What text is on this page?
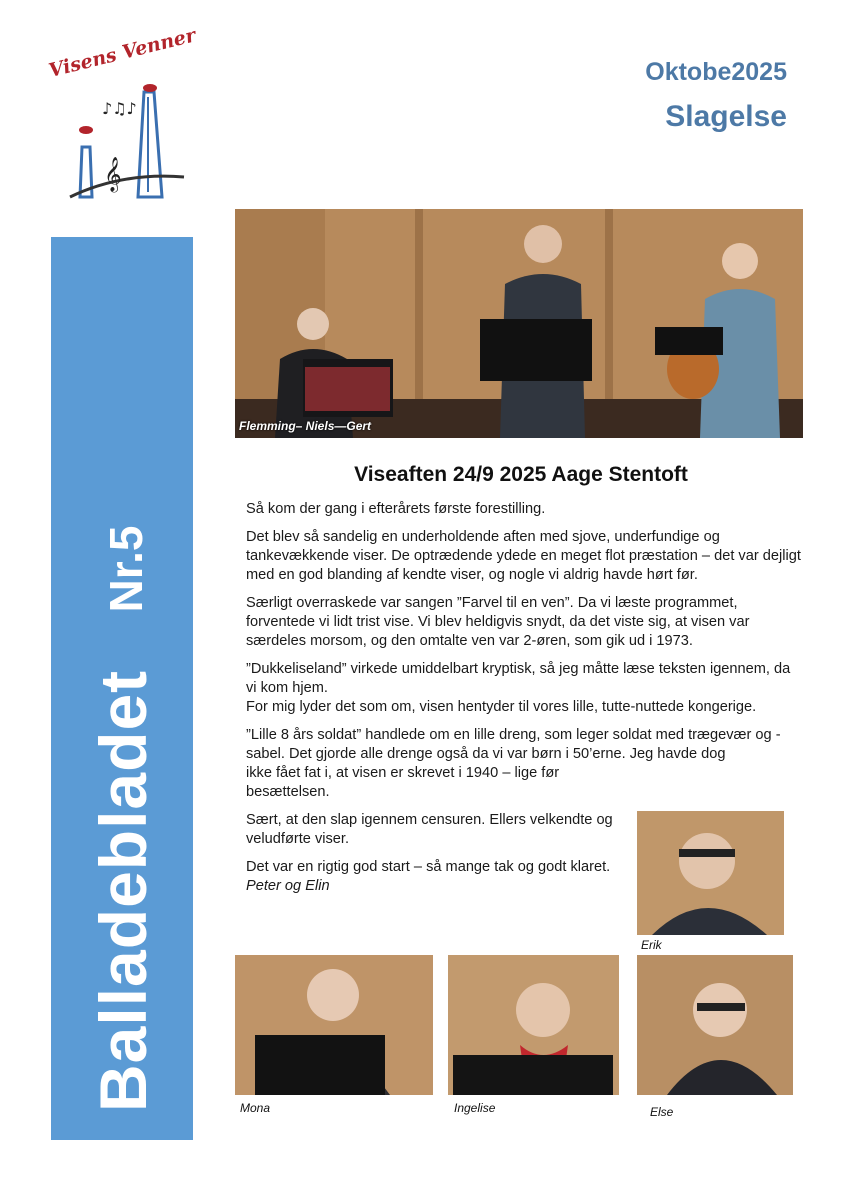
𝄞
♪♫♪
Visens Venner	Oktobe2025
Slagelse
Balladebladet
Nr.5
Flemming– Niels—Gert
Viseaften 24/9 2025 Aage Stentoft

Så kom der gang i efterårets første forestilling.

Det blev så sandelig en underholdende aften med sjove, underfundige og tankevækkende viser. De optrædende ydede en meget flot præstation – det var dejligt med en god blanding af kendte viser, og nogle vi aldrig havde hørt før.

Særligt overraskede var sangen ”Farvel til en ven”. Da vi læste programmet, forventede vi lidt trist vise. Vi blev heldigvis snydt, da det viste sig, at visen var særdeles morsom, og den omtalte ven var 2-øren, som gik ud i 1973.

”Dukkeliseland” virkede umiddelbart kryptisk, så jeg måtte læse teksten igennem, da vi kom hjem.
For mig lyder det som om, visen hentyder til vores lille, tutte-nuttede kongerige.

”Lille 8 års soldat” handlede om en lille dreng, som leger soldat med trægevær og -sabel. Det gjorde alle drenge også da vi var børn i 50’erne. Jeg havde dog

ikke fået fat i, at visen er skrevet i 1940 – lige før besættelsen.

Sært, at den slap igennem censuren. Ellers velkendte og veludførte viser.

Det var en rigtig god start – så mange tak og godt klaret. Peter og Elin

Erik
Mona	Ingelise	Else
